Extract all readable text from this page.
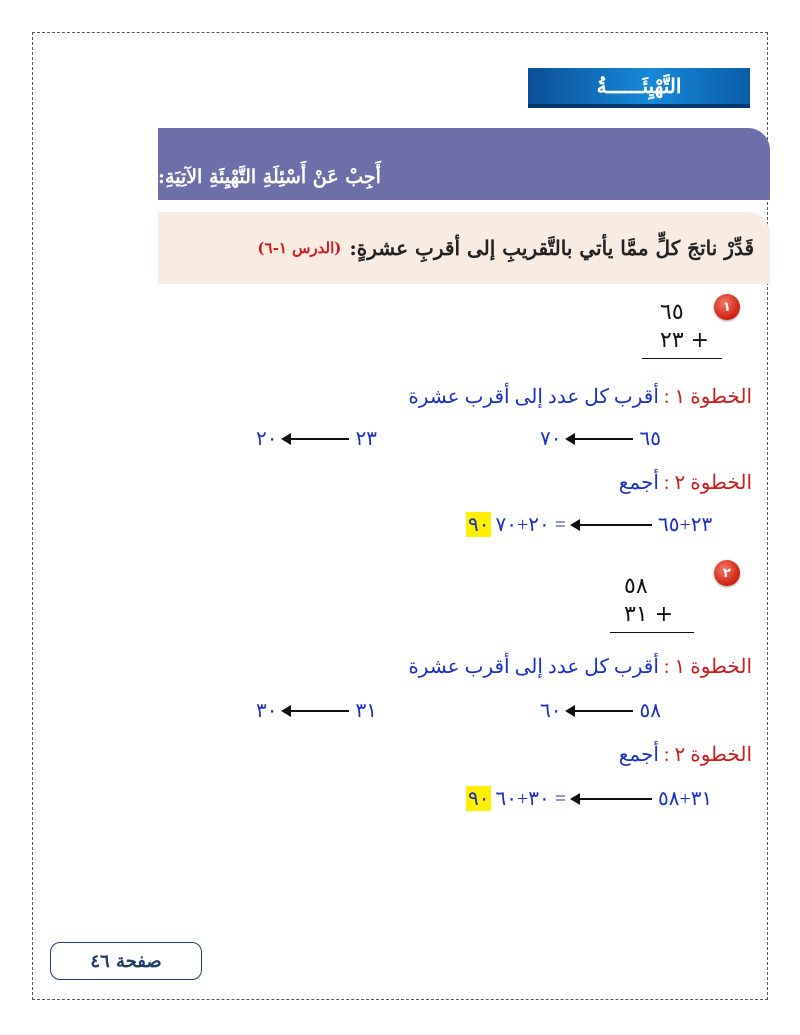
التَّهْيِئَــــــةُ
أَجِبْ عَنْ أَسْئِلَةِ التَّهْيِئَةِ الآتِيَةِ:
قَدِّرْ ناتجَ كلٍّ ممَّا يأتي بالتَّقريبِ إلى أقربِ عشرةٍ:
(الدرس ١-٦)
١
٦٥
٢٣ +
الخطوة ١ : أقرب كل عدد إلى أقرب عشرة
٧٠	٦٥
٢٠	٢٣
الخطوة ٢ : أجمع
٩٠ ٢٠+٧٠ =	٢٣+٦٥
٢
٥٨
٣١ +
الخطوة ١ : أقرب كل عدد إلى أقرب عشرة
٦٠	٥٨
٣٠	٣١
الخطوة ٢ : أجمع
٩٠ ٣٠+٦٠ =	٣١+٥٨
صفحة ٤٦
